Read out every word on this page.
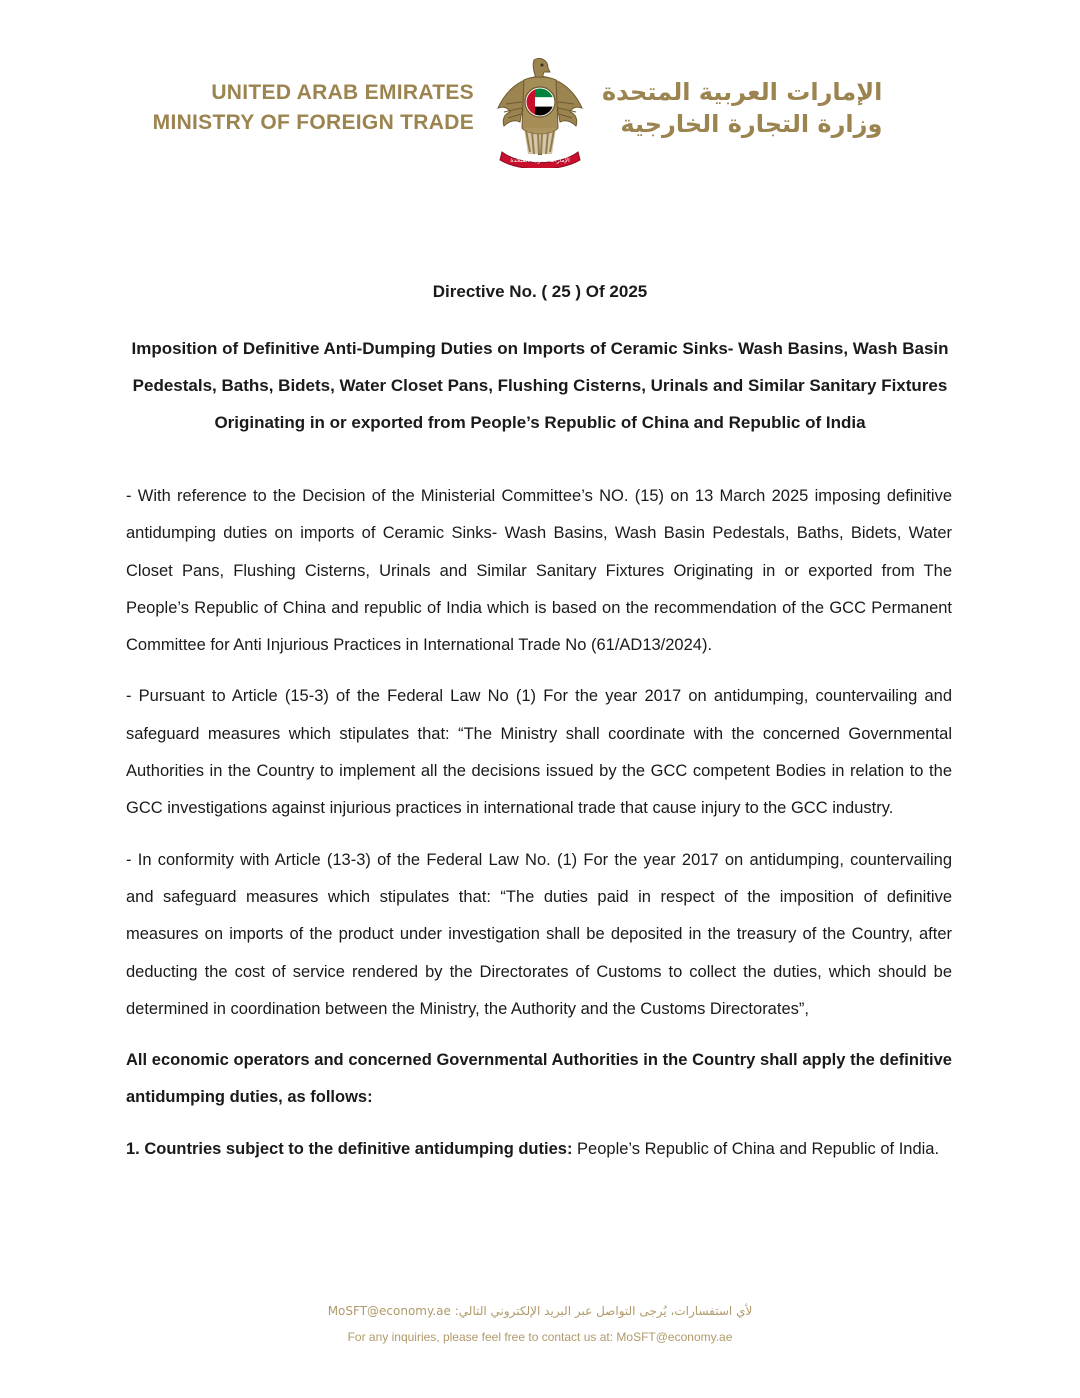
UNITED ARAB EMIRATES
MINISTRY OF FOREIGN TRADE
الإمارات العربية المتحدة
الإمارات العربية المتحدة
وزارة التجارة الخارجية
Directive No. ( 25 ) Of 2025
Imposition of Definitive Anti-Dumping Duties on Imports of Ceramic Sinks- Wash Basins, Wash Basin Pedestals, Baths, Bidets, Water Closet Pans, Flushing Cisterns, Urinals and Similar Sanitary Fixtures Originating in or exported from People’s Republic of China and Republic of India

- With reference to the Decision of the Ministerial Committee’s NO. (15) on 13 March 2025 imposing definitive antidumping duties on imports of Ceramic Sinks- Wash Basins, Wash Basin Pedestals, Baths, Bidets, Water Closet Pans, Flushing Cisterns, Urinals and Similar Sanitary Fixtures Originating in or exported from The People’s Republic of China and republic of India which is based on the recommendation of the GCC Permanent Committee for Anti Injurious Practices in International Trade No (61/AD13/2024).

- Pursuant to Article (15-3) of the Federal Law No (1) For the year 2017 on antidumping, countervailing and safeguard measures which stipulates that: “The Ministry shall coordinate with the concerned Governmental Authorities in the Country to implement all the decisions issued by the GCC competent Bodies in relation to the GCC investigations against injurious practices in international trade that cause injury to the GCC industry.

- In conformity with Article (13-3) of the Federal Law No. (1) For the year 2017 on antidumping, countervailing and safeguard measures which stipulates that: “The duties paid in respect of the imposition of definitive measures on imports of the product under investigation shall be deposited in the treasury of the Country, after deducting the cost of service rendered by the Directorates of Customs to collect the duties, which should be determined in coordination between the Ministry, the Authority and the Customs Directorates”,

All economic operators and concerned Governmental Authorities in the Country shall apply the definitive antidumping duties, as follows:

1. Countries subject to the definitive antidumping duties: People’s Republic of China and Republic of India.

لأي استفسارات، يُرجى التواصل عبر البريد الإلكتروني التالي: MoSFT@economy.ae
For any inquiries, please feel free to contact us at: MoSFT@economy.ae
